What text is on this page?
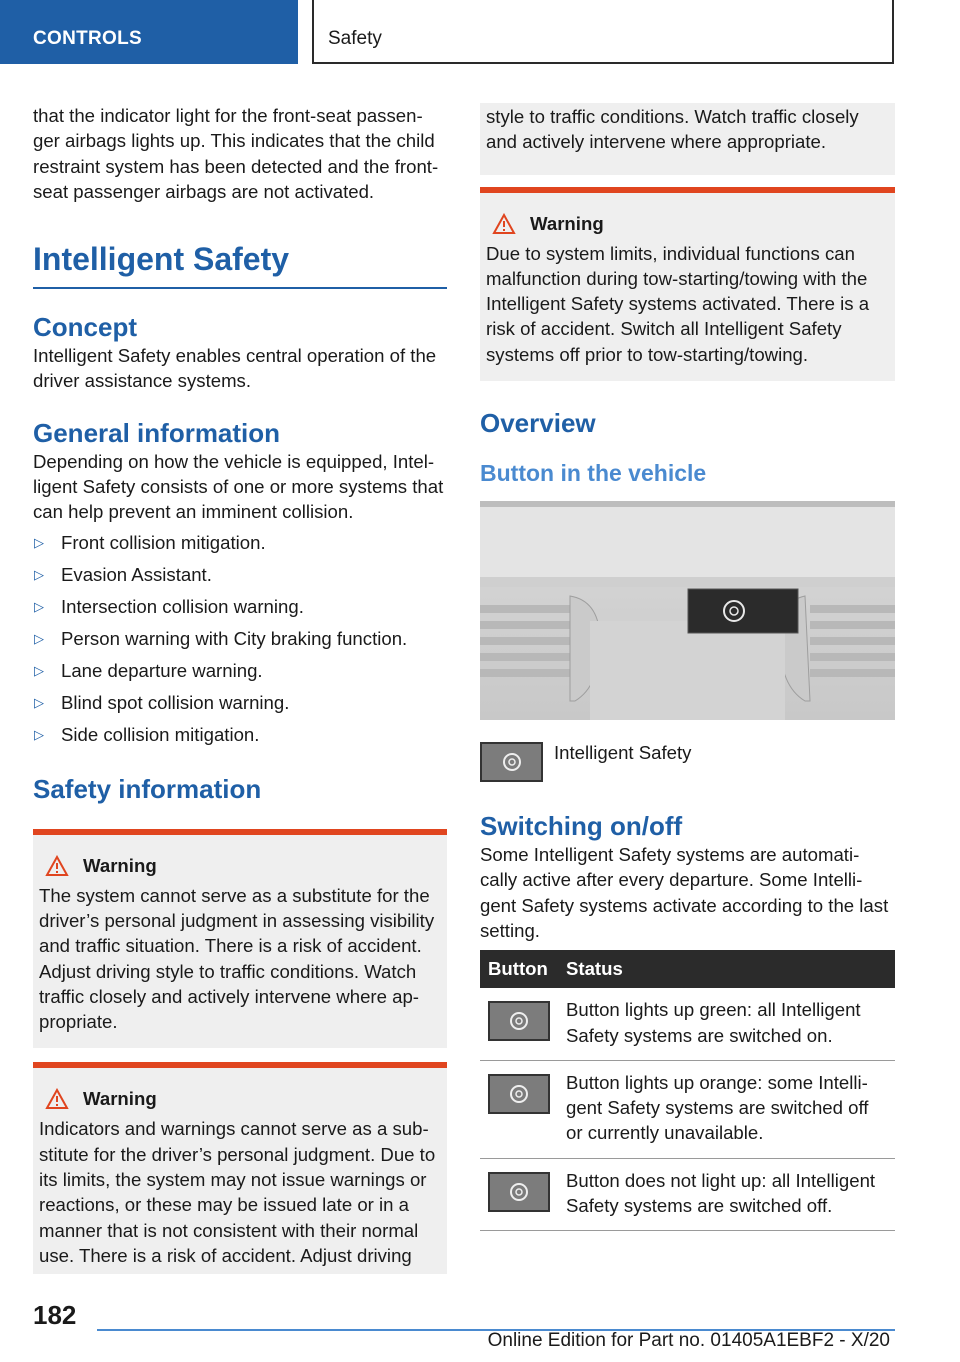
CONTROLS	Safety

that the indicator light for the front-seat passen-ger airbags lights up. This indicates that the child restraint system has been detected and the front-seat passenger airbags are not activated.

Intelligent Safety
Concept

Intelligent Safety enables central operation of the driver assistance systems.

General information

Depending on how the vehicle is equipped, Intel-ligent Safety consists of one or more systems that can help prevent an imminent collision.

▷ Front collision mitigation.
▷ Evasion Assistant.
▷ Intersection collision warning.
▷ Person warning with City braking function.
▷ Lane departure warning.
▷ Blind spot collision warning.
▷ Side collision mitigation.
Safety information
Warning

The system cannot serve as a substitute for the driver’s personal judgment in assessing visibility and traffic situation. There is a risk of accident. Adjust driving style to traffic conditions. Watch traffic closely and actively intervene where ap-propriate.

Warning

Indicators and warnings cannot serve as a sub-stitute for the driver’s personal judgment. Due to its limits, the system may not issue warnings or reactions, or these may be issued late or in a manner that is not consistent with their normal use. There is a risk of accident. Adjust driving

style to traffic conditions. Watch traffic closely and actively intervene where appropriate.

Warning

Due to system limits, individual functions can malfunction during tow-starting/towing with the Intelligent Safety systems activated. There is a risk of accident. Switch all Intelligent Safety systems off prior to tow-starting/towing.

Overview
Button in the vehicle
Intelligent Safety
Switching on/off

Some Intelligent Safety systems are automati-cally active after every departure. Some Intelli-gent Safety systems activate according to the last setting.

Button	Status

	Button lights up green: all Intelligent Safety systems are switched on.

	Button lights up orange: some Intelli-gent Safety systems are switched off or currently unavailable.

	Button does not light up: all Intelligent Safety systems are switched off.
182
Online Edition for Part no. 01405A1EBF2 - X/20
